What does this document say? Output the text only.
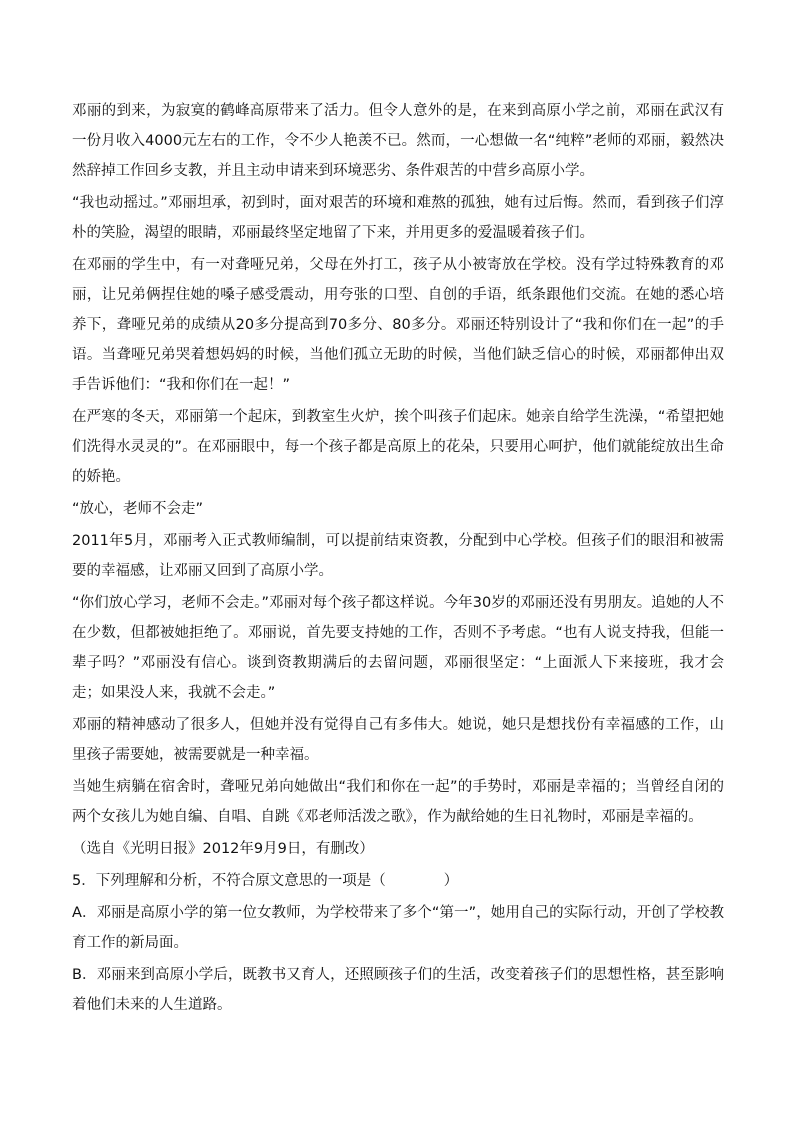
邓丽的到来，为寂寞的鹤峰高原带来了活力。但令人意外的是，在来到高原小学之前，邓丽在武汉有一份月收入4000元左右的工作，令不少人艳羡不已。然而，一心想做一名“纯粹”老师的邓丽，毅然决然辞掉工作回乡支教，并且主动申请来到环境恶劣、条件艰苦的中营乡高原小学。

“我也动摇过。”邓丽坦承，初到时，面对艰苦的环境和难熬的孤独，她有过后悔。然而，看到孩子们淳朴的笑脸，渴望的眼睛，邓丽最终坚定地留了下来，并用更多的爱温暖着孩子们。

在邓丽的学生中，有一对聋哑兄弟，父母在外打工，孩子从小被寄放在学校。没有学过特殊教育的邓丽，让兄弟俩捏住她的嗓子感受震动，用夸张的口型、自创的手语，纸条跟他们交流。在她的悉心培养下，聋哑兄弟的成绩从20多分提高到70多分、80多分。邓丽还特别设计了“我和你们在一起”的手语。当聋哑兄弟哭着想妈妈的时候，当他们孤立无助的时候，当他们缺乏信心的时候，邓丽都伸出双手告诉他们：“我和你们在一起！”

在严寒的冬天，邓丽第一个起床，到教室生火炉，挨个叫孩子们起床。她亲自给学生洗澡，“希望把她们洗得水灵灵的”。在邓丽眼中，每一个孩子都是高原上的花朵，只要用心呵护，他们就能绽放出生命的娇艳。

“放心，老师不会走”

2011年5月，邓丽考入正式教师编制，可以提前结束资教，分配到中心学校。但孩子们的眼泪和被需要的幸福感，让邓丽又回到了高原小学。

“你们放心学习，老师不会走。”邓丽对每个孩子都这样说。今年30岁的邓丽还没有男朋友。追她的人不在少数，但都被她拒绝了。邓丽说，首先要支持她的工作，否则不予考虑。“也有人说支持我，但能一辈子吗？”邓丽没有信心。谈到资教期满后的去留问题，邓丽很坚定：“上面派人下来接班，我才会走；如果没人来，我就不会走。”

邓丽的精神感动了很多人，但她并没有觉得自己有多伟大。她说，她只是想找份有幸福感的工作，山里孩子需要她，被需要就是一种幸福。

当她生病躺在宿舍时，聋哑兄弟向她做出“我们和你在一起”的手势时，邓丽是幸福的；当曾经自闭的两个女孩儿为她自编、自唱、自跳《邓老师活泼之歌》，作为献给她的生日礼物时，邓丽是幸福的。

（选自《光明日报》2012年9月9日，有删改）

5．下列理解和分析，不符合原文意思的一项是（　　　　）

A．邓丽是高原小学的第一位女教师，为学校带来了多个“第一”，她用自己的实际行动，开创了学校教育工作的新局面。

B．邓丽来到高原小学后，既教书又育人，还照顾孩子们的生活，改变着孩子们的思想性格，甚至影响着他们未来的人生道路。
